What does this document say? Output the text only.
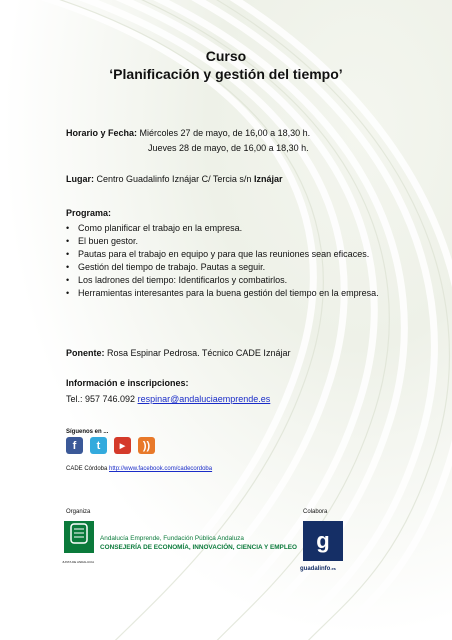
Curso
‘Planificación y gestión del tiempo’
Horario y Fecha: Miércoles 27 de mayo, de 16,00 a 18,30 h.
Jueves 28 de mayo, de 16,00 a 18,30 h.
Lugar: Centro Guadalinfo Iznájar C/ Tercia s/n Iznájar
Programa:
• Como planificar el trabajo en la empresa.
• El buen gestor.
• Pautas para el trabajo en equipo y para que las reuniones sean eficaces.
• Gestión del tiempo de trabajo. Pautas a seguir.
• Los ladrones del tiempo: Identificarlos y combatirlos.
• Herramientas interesantes para la buena gestión del tiempo en la empresa.
Ponente: Rosa Espinar Pedrosa. Técnico CADE Iznájar
Información e inscripciones:
Tel.: 957 746.092 respinar@andaluciaemprende.es
Síguenos en ...
f	t	▶	))
CADE Córdoba http://www.facebook.com/cadecordoba
Organiza	Colabora
JUNTA DE ANDALUCIA
Andalucía Emprende, Fundación Pública Andaluza
CONSEJERÍA DE ECONOMÍA, INNOVACIÓN, CIENCIA Y EMPLEO g
guadalinfo.es
